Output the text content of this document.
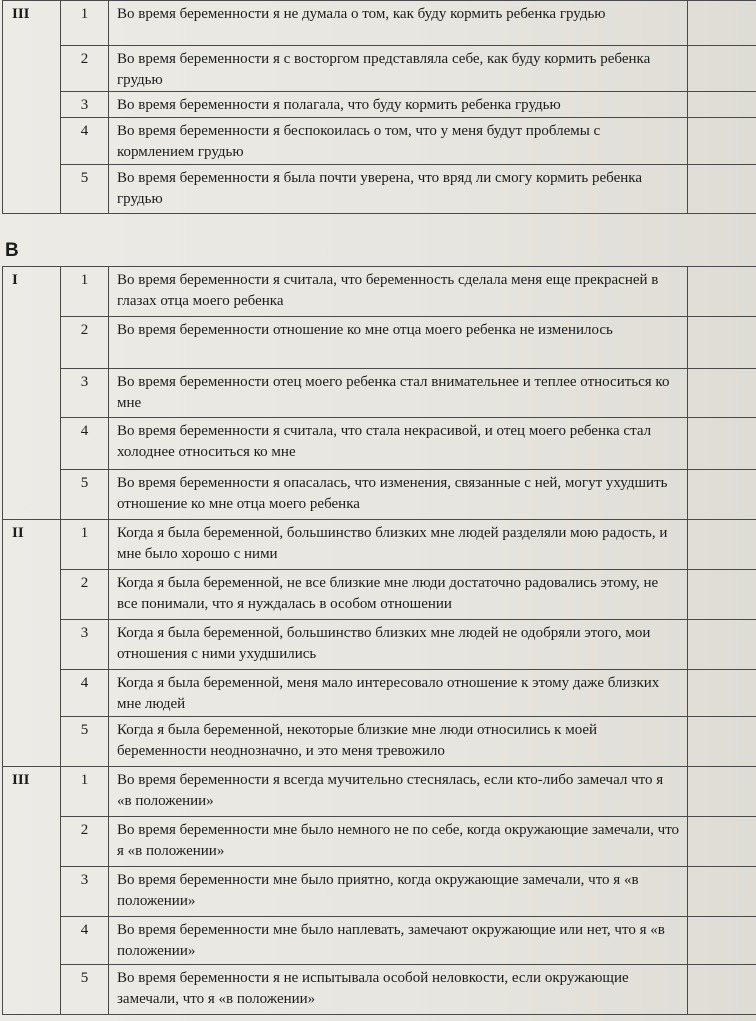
III	1	Во время беременности я не думала о том, как буду кормить ребенка грудью	
	2	Во время беременности я с восторгом представляла себе, как буду кормить ребенка грудью	
	3	Во время беременности я полагала, что буду кормить ребенка грудью	
	4	Во время беременности я беспокоилась о том, что у меня будут проблемы с кормлением грудью	
	5	Во время беременности я была почти уверена, что вряд ли смогу кормить ребенка грудью	
В
I	1	Во время беременности я считала, что беременность сделала меня еще прекрасней в глазах отца моего ребенка	
	2	Во время беременности отношение ко мне отца моего ребенка не изменилось	
	3	Во время беременности отец моего ребенка стал внимательнее и теплее относиться ко мне	
	4	Во время беременности я считала, что стала некрасивой, и отец моего ребенка стал холоднее относиться ко мне	
	5	Во время беременности я опасалась, что изменения, связанные с ней, могут ухудшить отношение ко мне отца моего ребенка	
II	1	Когда я была беременной, большинство близких мне людей разделяли мою радость, и мне было хорошо с ними	
	2	Когда я была беременной, не все близкие мне люди достаточно радовались этому, не все понимали, что я нуждалась в особом отношении	
	3	Когда я была беременной, большинство близких мне людей не одобряли этого, мои отношения с ними ухудшились	
	4	Когда я была беременной, меня мало интересовало отношение к этому даже близких мне людей	
	5	Когда я была беременной, некоторые близкие мне люди относились к моей беременности неоднозначно, и это меня тревожило	
III	1	Во время беременности я всегда мучительно стеснялась, если кто-либо замечал что я «в положении»	
	2	Во время беременности мне было немного не по себе, когда окружающие замечали, что я «в положении»	
	3	Во время беременности мне было приятно, когда окружающие замечали, что я «в положении»	
	4	Во время беременности мне было наплевать, замечают окружающие или нет, что я «в положении»	
	5	Во время беременности я не испытывала особой неловкости, если окружающие замечали, что я «в положении»	
